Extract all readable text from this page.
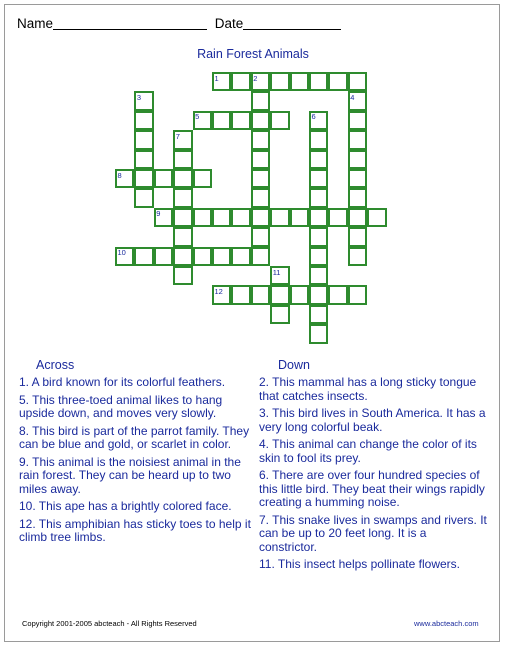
Name	Date
Rain Forest Animals
1	2
3	4
5	6
7
8
9
10
11
12
Across	Down

1. A bird known for its colorful feathers.

5. This three-toed animal likes to hang upside down, and moves very slowly.

8. This bird is part of the parrot family. They can be blue and gold, or scarlet in color.

9. This animal is the noisiest animal in the rain forest. They can be heard up to two miles away.

10. This ape has a brightly colored face.

12. This amphibian has sticky toes to help it climb tree limbs.

2. This mammal has a long sticky tongue that catches insects.

3. This bird lives in South America. It has a very long colorful beak.

4. This animal can change the color of its skin to fool its prey.

6. There are over four hundred species of this little bird. They beat their wings rapidly creating a humming noise.

7. This snake lives in swamps and rivers. It can be up to 20 feet long. It is a constrictor.

11. This insect helps pollinate flowers.

Copyright 2001-2005 abcteach - All Rights Reserved	www.abcteach.com
